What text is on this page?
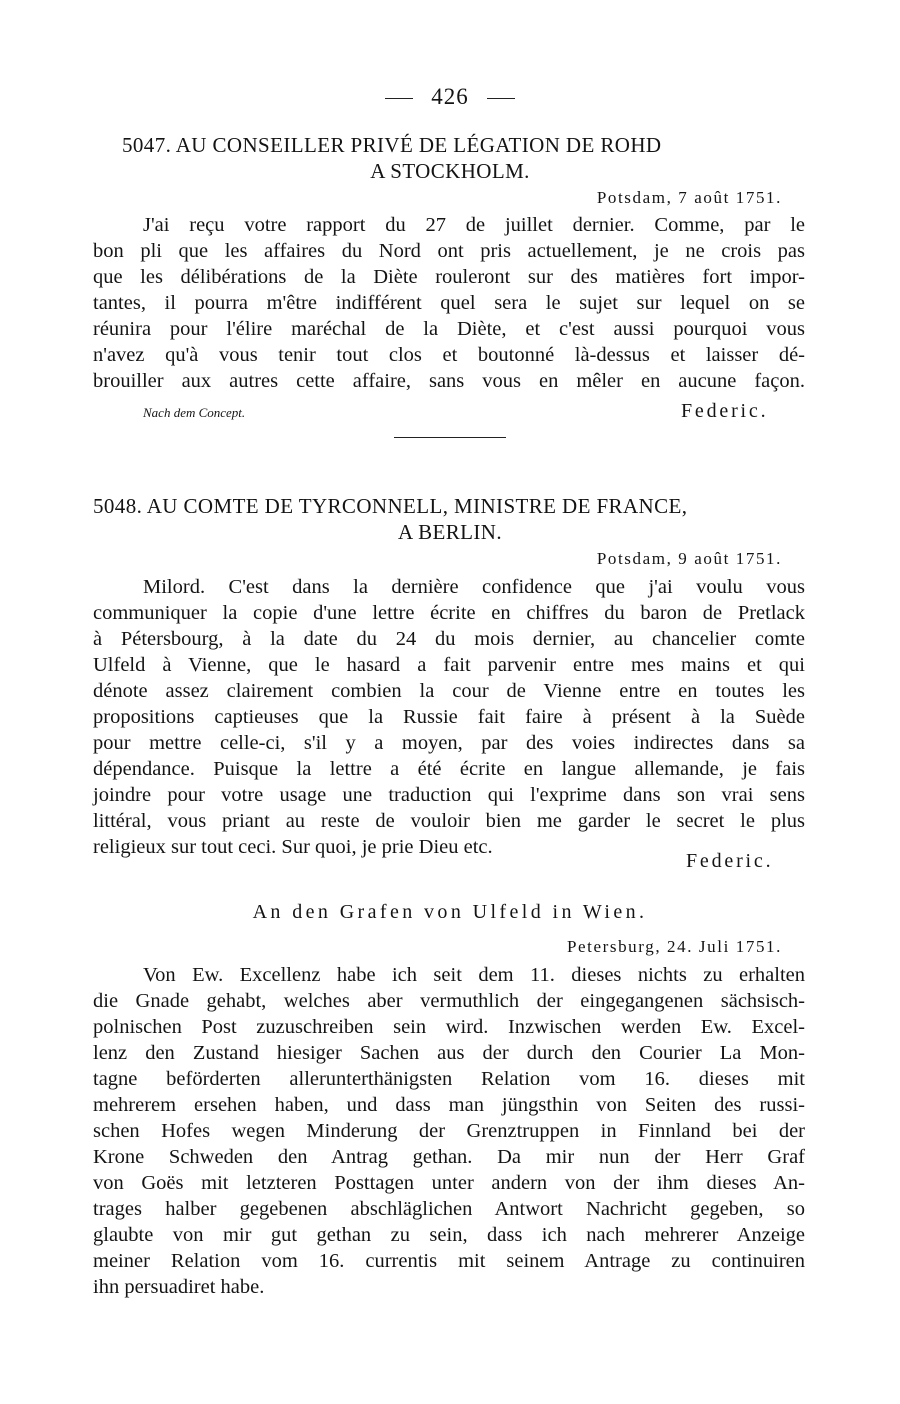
426
5047. AU CONSEILLER PRIVÉ DE LÉGATION DE ROHD
A STOCKHOLM.
Potsdam, 7 août 1751.
J'ai reçu votre rapport du 27 de juillet dernier. Comme, par le
bon pli que les affaires du Nord ont pris actuellement, je ne crois pas
que les délibérations de la Diète rouleront sur des matières fort impor-
tantes, il pourra m'être indifférent quel sera le sujet sur lequel on se
réunira pour l'élire maréchal de la Diète, et c'est aussi pourquoi vous
n'avez qu'à vous tenir tout clos et boutonné là-dessus et laisser dé-
brouiller aux autres cette affaire, sans vous en mêler en aucune façon.
Nach dem Concept.	Federic.
5048. AU COMTE DE TYRCONNELL, MINISTRE DE FRANCE,
A BERLIN.
Potsdam, 9 août 1751.
Milord. C'est dans la dernière confidence que j'ai voulu vous
communiquer la copie d'une lettre écrite en chiffres du baron de Pretlack
à Pétersbourg, à la date du 24 du mois dernier, au chancelier comte
Ulfeld à Vienne, que le hasard a fait parvenir entre mes mains et qui
dénote assez clairement combien la cour de Vienne entre en toutes les
propositions captieuses que la Russie fait faire à présent à la Suède
pour mettre celle-ci, s'il y a moyen, par des voies indirectes dans sa
dépendance. Puisque la lettre a été écrite en langue allemande, je fais
joindre pour votre usage une traduction qui l'exprime dans son vrai sens
littéral, vous priant au reste de vouloir bien me garder le secret le plus
religieux sur tout ceci. Sur quoi, je prie Dieu etc.
Federic.
An den Grafen von Ulfeld in Wien.
Petersburg, 24. Juli 1751.
Von Ew. Excellenz habe ich seit dem 11. dieses nichts zu erhalten
die Gnade gehabt, welches aber vermuthlich der eingegangenen sächsisch-
polnischen Post zuzuschreiben sein wird. Inzwischen werden Ew. Excel-
lenz den Zustand hiesiger Sachen aus der durch den Courier La Mon-
tagne beförderten allerunterthänigsten Relation vom 16. dieses mit
mehrerem ersehen haben, und dass man jüngsthin von Seiten des russi-
schen Hofes wegen Minderung der Grenztruppen in Finnland bei der
Krone Schweden den Antrag gethan. Da mir nun der Herr Graf
von Goës mit letzteren Posttagen unter andern von der ihm dieses An-
trages halber gegebenen abschläglichen Antwort Nachricht gegeben, so
glaubte von mir gut gethan zu sein, dass ich nach mehrerer Anzeige
meiner Relation vom 16. currentis mit seinem Antrage zu continuiren
ihn persuadiret habe.
